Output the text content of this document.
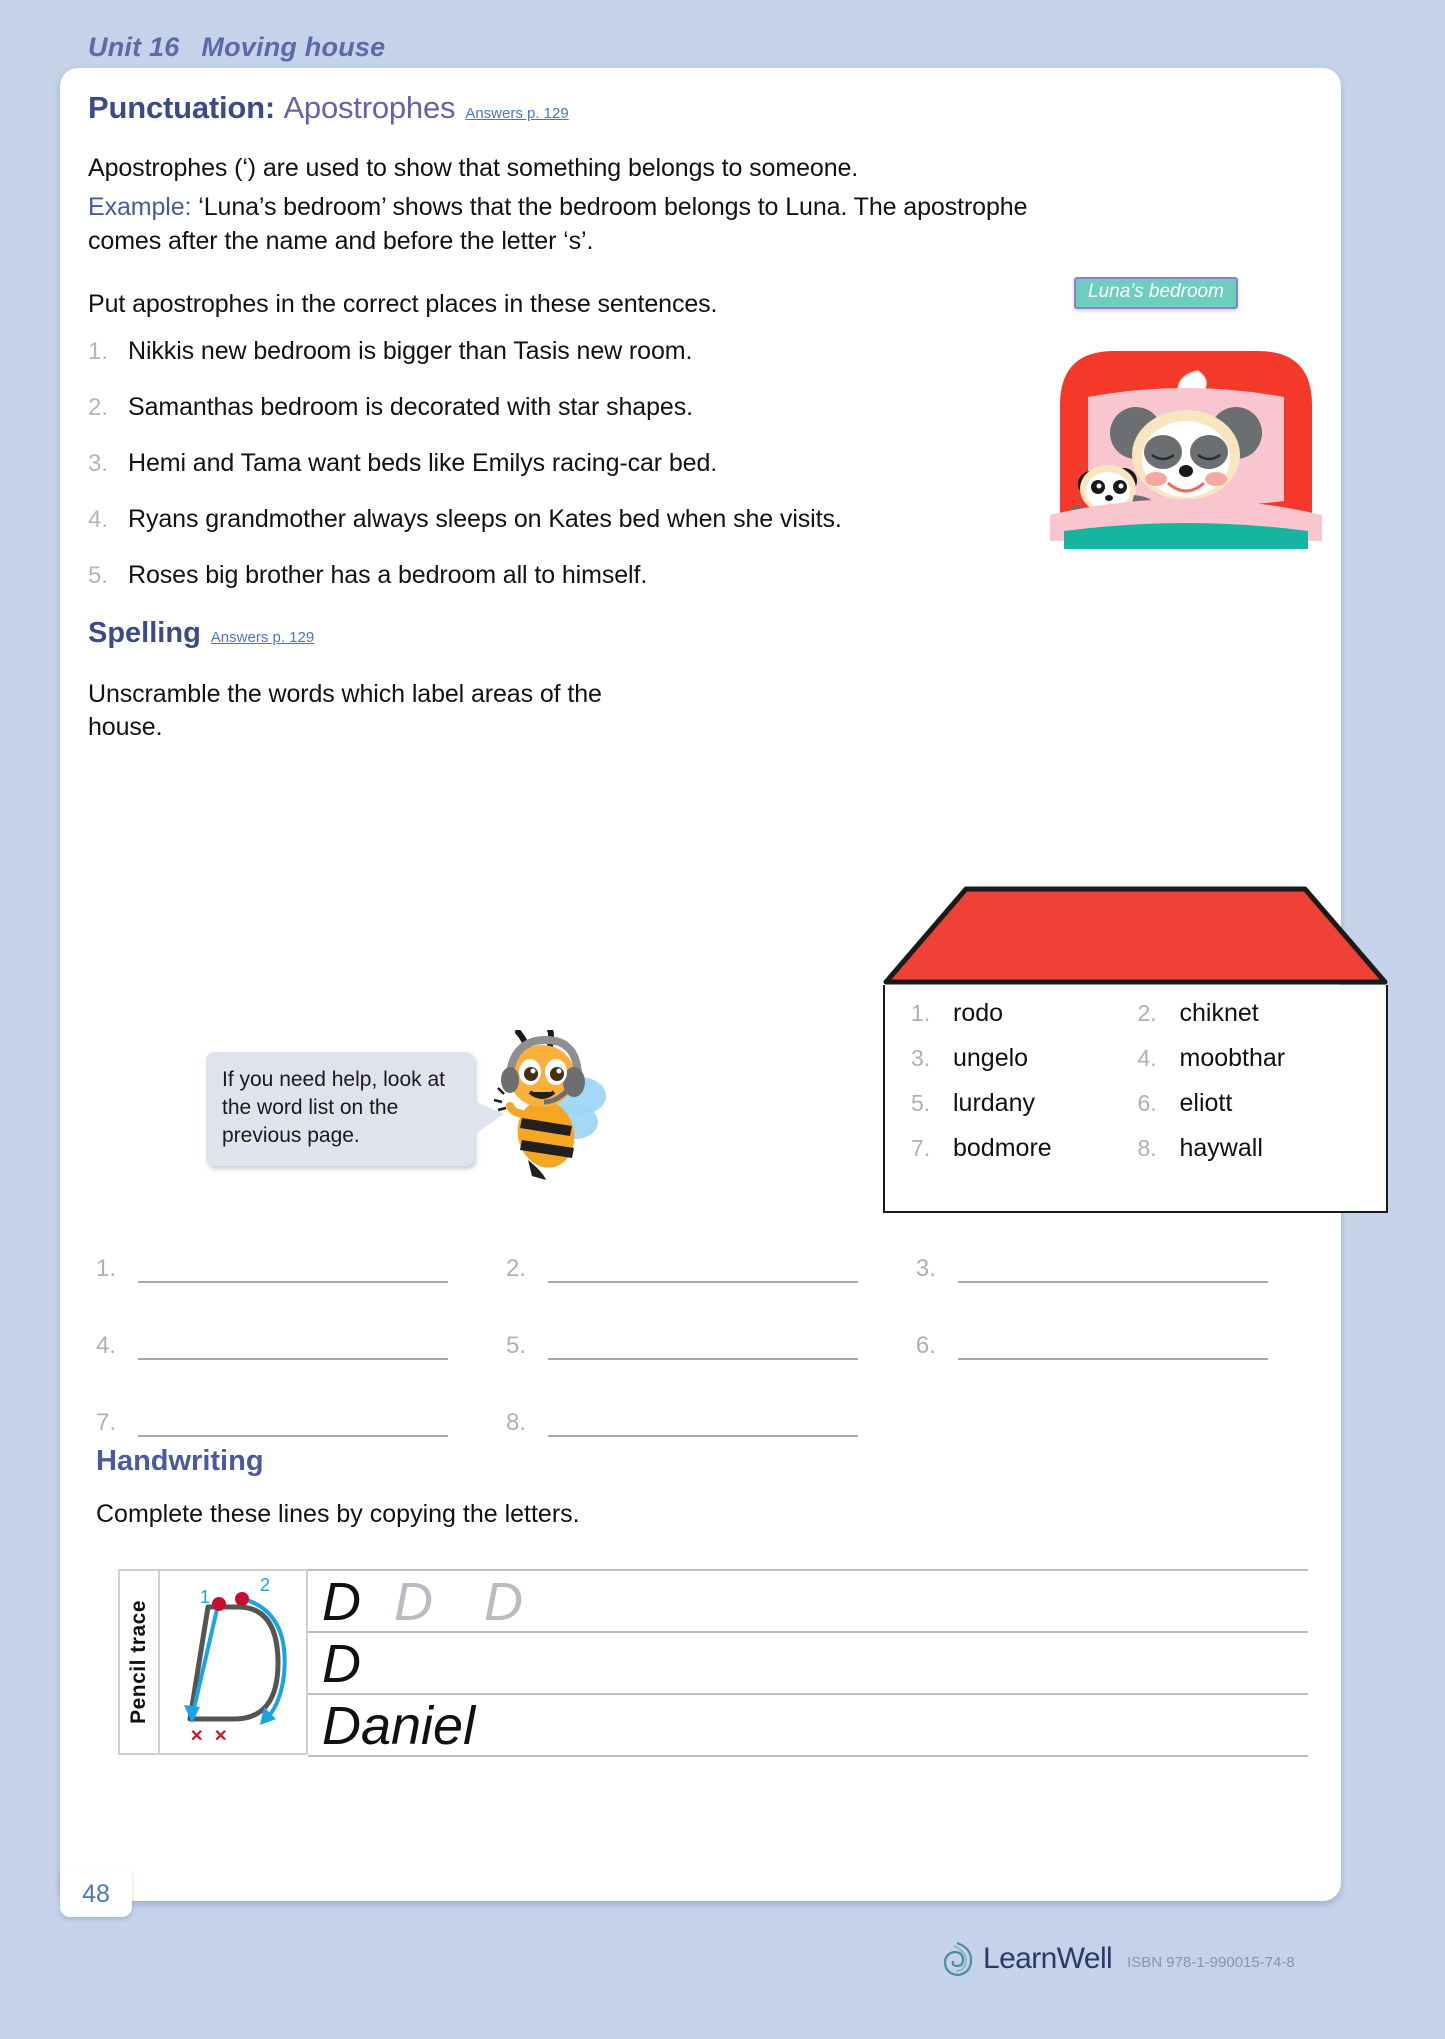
Unit 16 Moving house
Punctuation: Apostrophes Answers p. 129
Apostrophes (‘) are used to show that something belongs to someone.
Example: ‘Luna’s bedroom’ shows that the bedroom belongs to Luna. The apostrophe comes after the name and before the letter ‘s’.
Put apostrophes in the correct places in these sentences.
1. Nikkis new bedroom is bigger than Tasis new room.
2. Samanthas bedroom is decorated with star shapes.
3. Hemi and Tama want beds like Emilys racing-car bed.
4. Ryans grandmother always sleeps on Kates bed when she visits.
5. Roses big brother has a bedroom all to himself.
Spelling Answers p. 129
Unscramble the words which label areas of the house.
Handwriting
Complete these lines by copying the letters.
Pencil trace
1
2
✕ ✕
D D D
D
Daniel
1.	2.	3.
4.	5.	6.
7.	8.
If you need help, look at the word list on the previous page.
1. rodo	2. chiknet
3. ungelo	4. moobthar
5. lurdany	6. eliott
7. bodmore	8. haywall
Luna’s bedroom
48
LearnWell ISBN 978-1-990015-74-8
